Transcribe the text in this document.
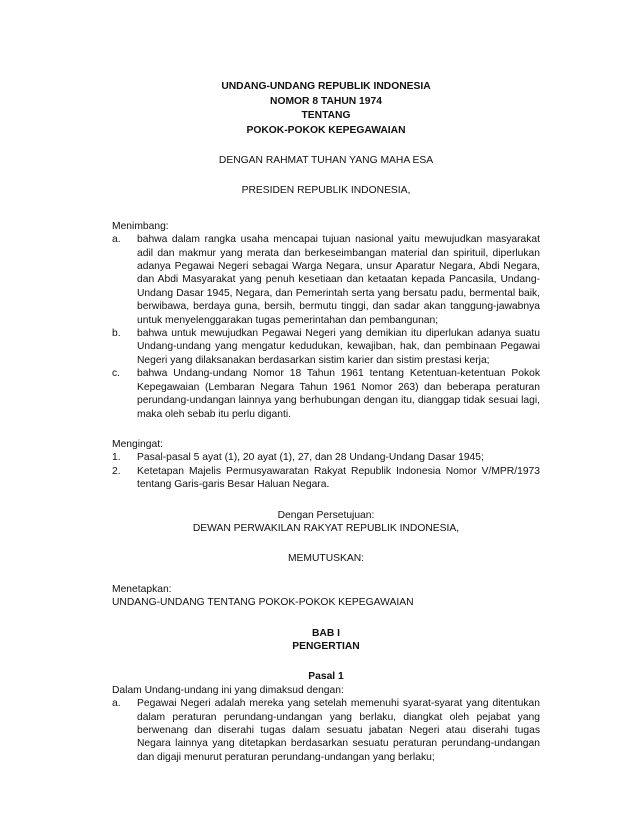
UNDANG-UNDANG REPUBLIK INDONESIA
NOMOR 8 TAHUN 1974
TENTANG
POKOK-POKOK KEPEGAWAIAN
DENGAN RAHMAT TUHAN YANG MAHA ESA
PRESIDEN REPUBLIK INDONESIA,
Menimbang:
a.	bahwa dalam rangka usaha mencapai tujuan nasional yaitu mewujudkan masyarakat adil dan makmur yang merata dan berkeseimbangan material dan spirituil, diperlukan adanya Pegawai Negeri sebagai Warga Negara, unsur Aparatur Negara, Abdi Negara, dan Abdi Masyarakat yang penuh kesetiaan dan ketaatan kepada Pancasila, Undang-Undang Dasar 1945, Negara, dan Pemerintah serta yang bersatu padu, bermental baik, berwibawa, berdaya guna, bersih, bermutu tinggi, dan sadar akan tanggung-jawabnya untuk menyelenggarakan tugas pemerintahan dan pembangunan;
b.	bahwa untuk mewujudkan Pegawai Negeri yang demikian itu diperlukan adanya suatu Undang-undang yang mengatur kedudukan, kewajiban, hak, dan pembinaan Pegawai Negeri yang dilaksanakan berdasarkan sistim karier dan sistim prestasi kerja;
c.	bahwa Undang-undang Nomor 18 Tahun 1961 tentang Ketentuan-ketentuan Pokok Kepegawaian (Lembaran Negara Tahun 1961 Nomor 263) dan beberapa peraturan perundang-undangan lainnya yang berhubungan dengan itu, dianggap tidak sesuai lagi, maka oleh sebab itu perlu diganti.
Mengingat:
1.	Pasal-pasal 5 ayat (1), 20 ayat (1), 27, dan 28 Undang-Undang Dasar 1945;
2.	Ketetapan Majelis Permusyawaratan Rakyat Republik Indonesia Nomor V/MPR/1973 tentang Garis-garis Besar Haluan Negara.
Dengan Persetujuan:
DEWAN PERWAKILAN RAKYAT REPUBLIK INDONESIA,
MEMUTUSKAN:
Menetapkan:
UNDANG-UNDANG TENTANG POKOK-POKOK KEPEGAWAIAN
BAB I
PENGERTIAN
Pasal 1
Dalam Undang-undang ini yang dimaksud dengan:
a.	Pegawai Negeri adalah mereka yang setelah memenuhi syarat-syarat yang ditentukan dalam peraturan perundang-undangan yang berlaku, diangkat oleh pejabat yang berwenang dan diserahi tugas dalam sesuatu jabatan Negeri atau diserahi tugas Negara lainnya yang ditetapkan berdasarkan sesuatu peraturan perundang-undangan dan digaji menurut peraturan perundang-undangan yang berlaku;
